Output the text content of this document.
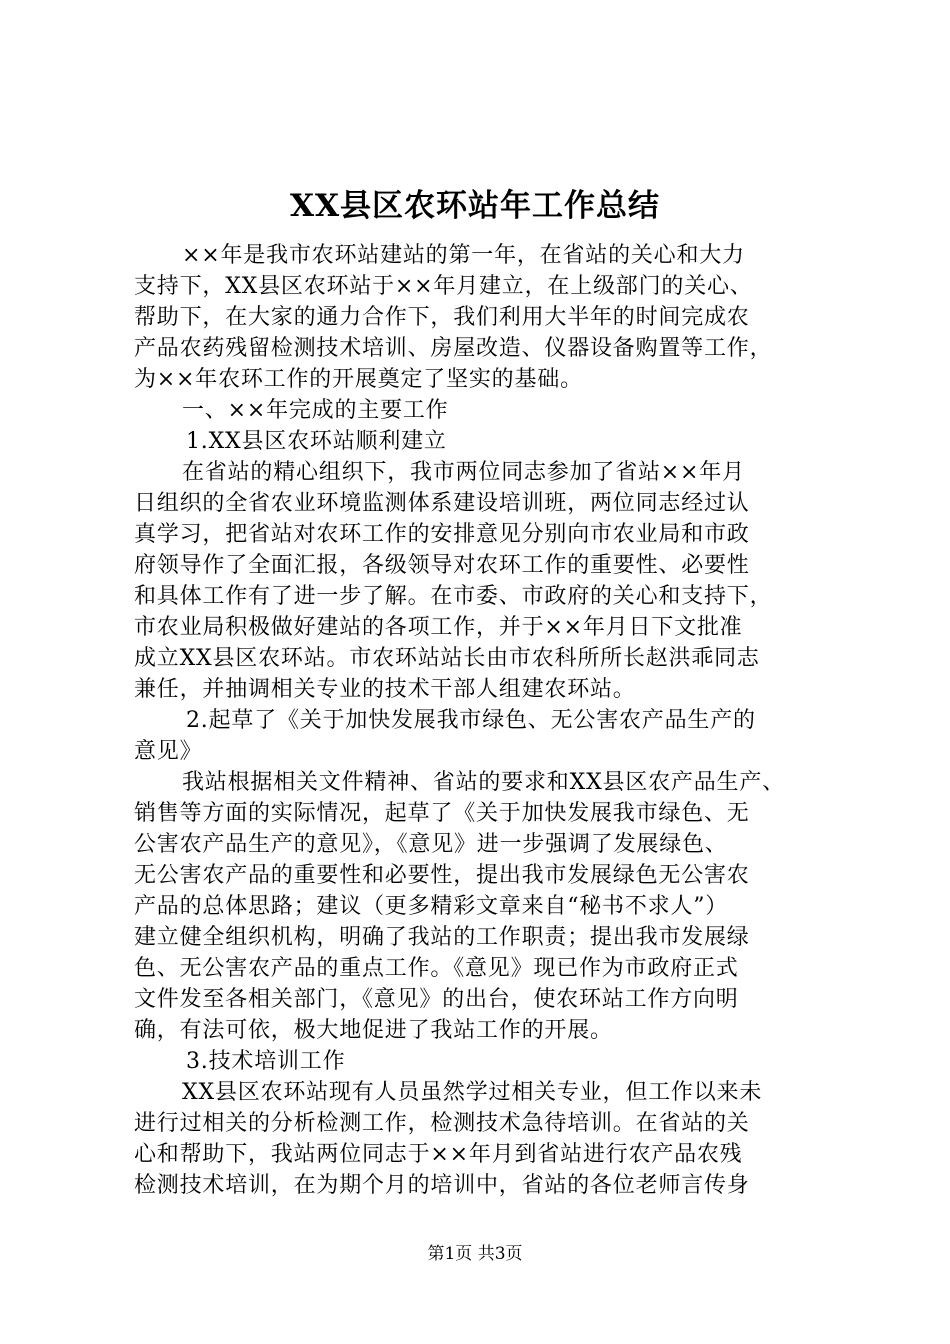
XX县区农环站年工作总结
××年是我市农环站建站的第一年，在省站的关心和大力
支持下，XX县区农环站于××年月建立，在上级部门的关心、
帮助下，在大家的通力合作下，我们利用大半年的时间完成农
产品农药残留检测技术培训、房屋改造、仪器设备购置等工作，
为××年农环工作的开展奠定了坚实的基础。
一、××年完成的主要工作
1.XX县区农环站顺利建立
在省站的精心组织下，我市两位同志参加了省站××年月
日组织的全省农业环境监测体系建设培训班，两位同志经过认
真学习，把省站对农环工作的安排意见分别向市农业局和市政
府领导作了全面汇报，各级领导对农环工作的重要性、必要性
和具体工作有了进一步了解。在市委、市政府的关心和支持下，
市农业局积极做好建站的各项工作，并于××年月日下文批准
成立XX县区农环站。市农环站站长由市农科所所长赵洪乖同志
兼任，并抽调相关专业的技术干部人组建农环站。
2.起草了《关于加快发展我市绿色、无公害农产品生产的
意见》
我站根据相关文件精神、省站的要求和XX县区农产品生产、
销售等方面的实际情况，起草了《关于加快发展我市绿色、无
公害农产品生产的意见》，《意见》进一步强调了发展绿色、
无公害农产品的重要性和必要性，提出我市发展绿色无公害农
产品的总体思路；建议（更多精彩文章来自“秘书不求人”）
建立健全组织机构，明确了我站的工作职责；提出我市发展绿
色、无公害农产品的重点工作。《意见》现已作为市政府正式
文件发至各相关部门，《意见》的出台，使农环站工作方向明
确，有法可依，极大地促进了我站工作的开展。
3.技术培训工作
XX县区农环站现有人员虽然学过相关专业，但工作以来未
进行过相关的分析检测工作，检测技术急待培训。在省站的关
心和帮助下，我站两位同志于××年月到省站进行农产品农残
检测技术培训，在为期个月的培训中，省站的各位老师言传身
第1页 共3页
